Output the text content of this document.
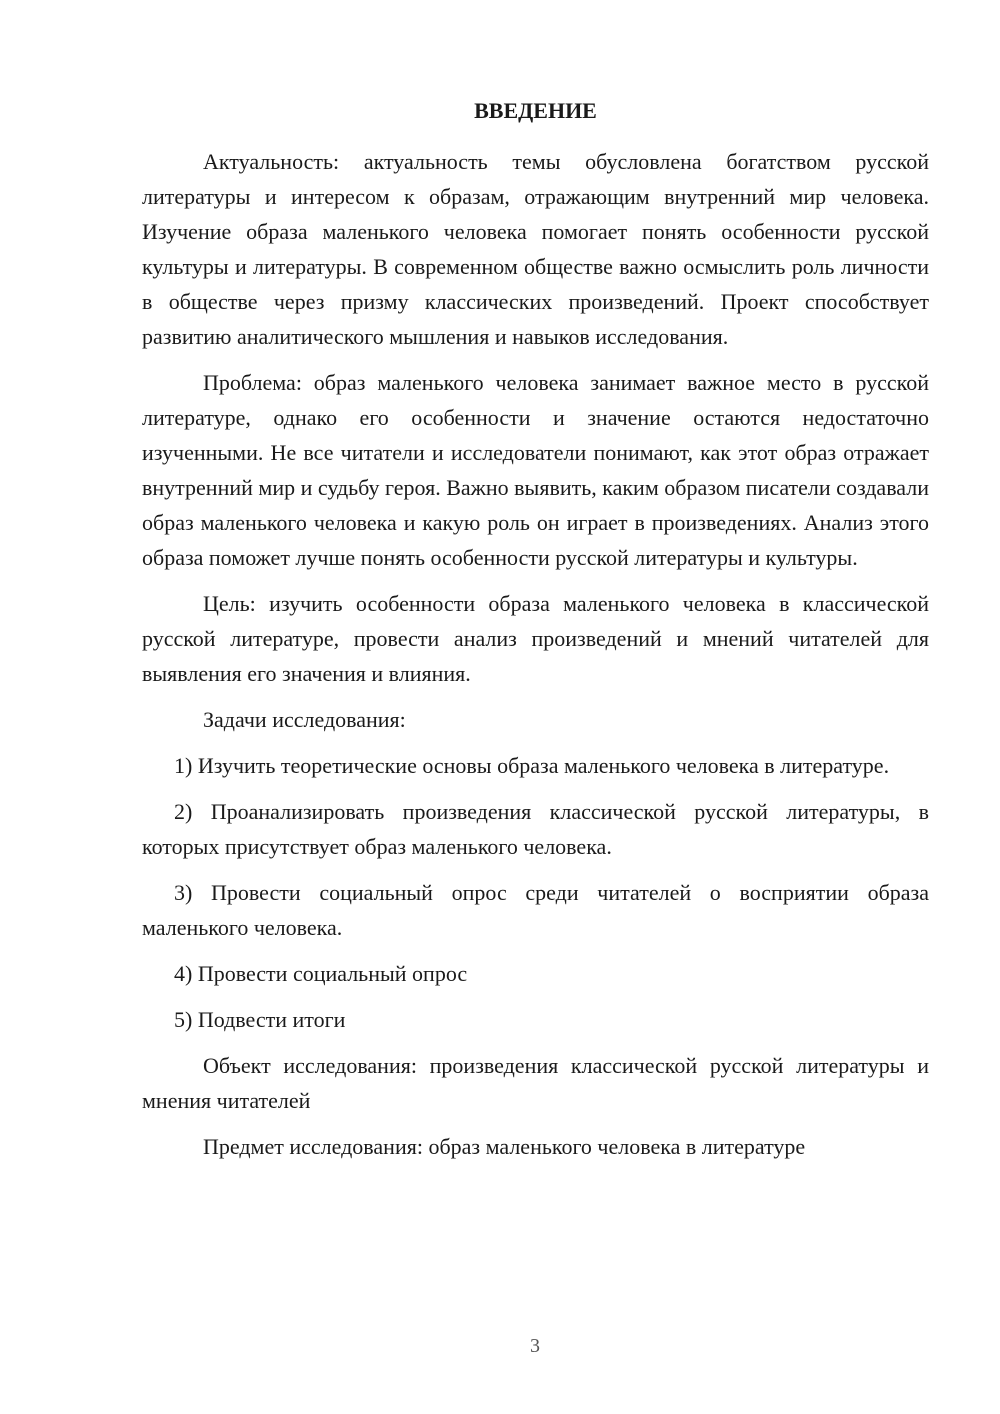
ВВЕДЕНИЕ

Актуальность: актуальность темы обусловлена богатством русской литературы и интересом к образам, отражающим внутренний мир человека. Изучение образа маленького человека помогает понять особенности русской культуры и литературы. В современном обществе важно осмыслить роль личности в обществе через призму классических произведений. Проект способствует развитию аналитического мышления и навыков исследования.

Проблема: образ маленького человека занимает важное место в русской литературе, однако его особенности и значение остаются недостаточно изученными. Не все читатели и исследователи понимают, как этот образ отражает внутренний мир и судьбу героя. Важно выявить, каким образом писатели создавали образ маленького человека и какую роль он играет в произведениях. Анализ этого образа поможет лучше понять особенности русской литературы и культуры.

Цель: изучить особенности образа маленького человека в классической русской литературе, провести анализ произведений и мнений читателей для выявления его значения и влияния.

Задачи исследования:

1) Изучить теоретические основы образа маленького человека в литературе.

2) Проанализировать произведения классической русской литературы, в которых присутствует образ маленького человека.

3) Провести социальный опрос среди читателей о восприятии образа маленького человека.

4) Провести социальный опрос

5) Подвести итоги

Объект исследования: произведения классической русской литературы и мнения читателей

Предмет исследования: образ маленького человека в литературе

3
